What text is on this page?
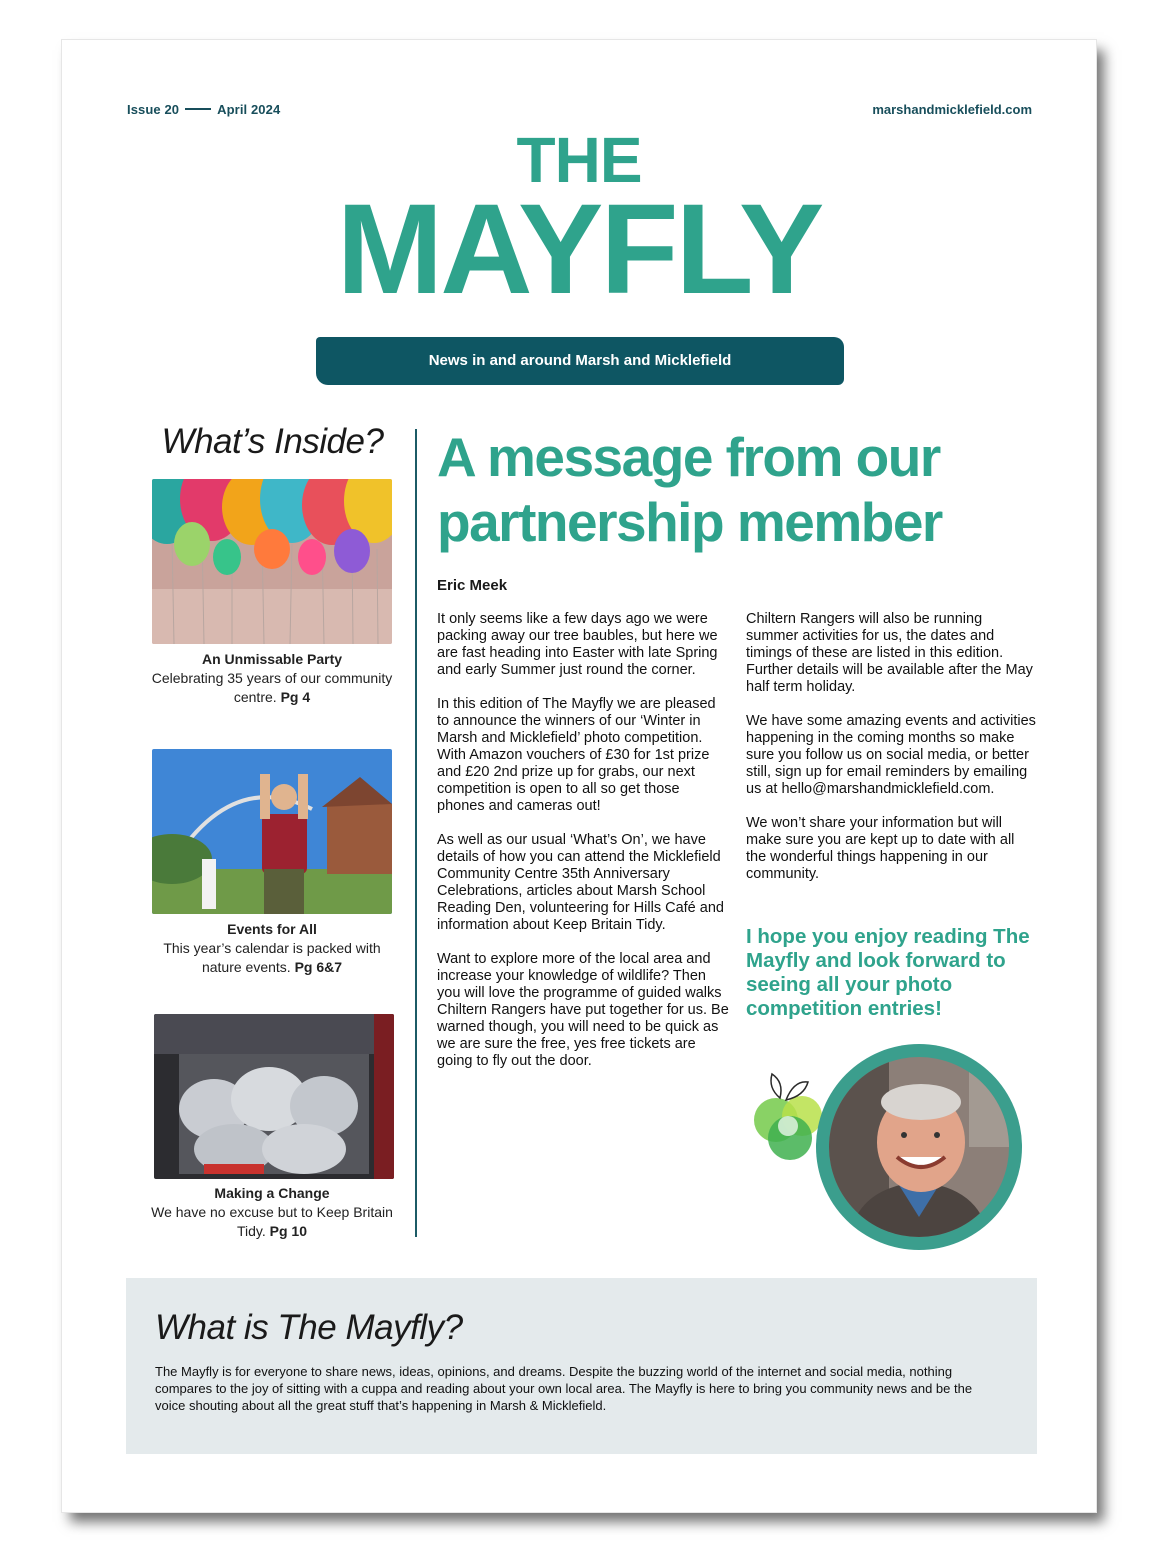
Issue 20	April 2024	marshandmicklefield.com
THE
MAYFLY
News in and around Marsh and Micklefield
What’s Inside?
An Unmissable Party
Celebrating 35 years of our community centre. Pg 4
Events for All
This year’s calendar is packed with nature events. Pg 6&7
Making a Change
We have no excuse but to Keep Britain Tidy. Pg 10
A message from our partnership member
Eric Meek

It only seems like a few days ago we were packing away our tree baubles, but here we are fast heading into Easter with late Spring and early Summer just round the corner.

In this edition of The Mayfly we are pleased to announce the winners of our ‘Winter in Marsh and Micklefield’ photo competition. With Amazon vouchers of £30 for 1st prize and £20 2nd prize up for grabs, our next competition is open to all so get those phones and cameras out!

As well as our usual ‘What’s On’, we have details of how you can attend the Micklefield Community Centre 35th Anniversary Celebrations, articles about Marsh School Reading Den, volunteering for Hills Café and information about Keep Britain Tidy.

Want to explore more of the local area and increase your knowledge of wildlife? Then you will love the programme of guided walks Chiltern Rangers have put together for us. Be warned though, you will need to be quick as we are sure the free, yes free tickets are going to fly out the door.

Chiltern Rangers will also be running summer activities for us, the dates and timings of these are listed in this edition. Further details will be available after the May half term holiday.

We have some amazing events and activities happening in the coming months so make sure you follow us on social media, or better still, sign up for email reminders by emailing us at hello@marshandmicklefield.com.

We won’t share your information but will make sure you are kept up to date with all the wonderful things happening in our community.

I hope you enjoy reading The Mayfly and look forward to seeing all your photo competition entries!
What is The Mayfly?

The Mayfly is for everyone to share news, ideas, opinions, and dreams. Despite the buzzing world of the internet and social media, nothing compares to the joy of sitting with a cuppa and reading about your own local area. The Mayfly is here to bring you community news and be the voice shouting about all the great stuff that’s happening in Marsh & Micklefield.
